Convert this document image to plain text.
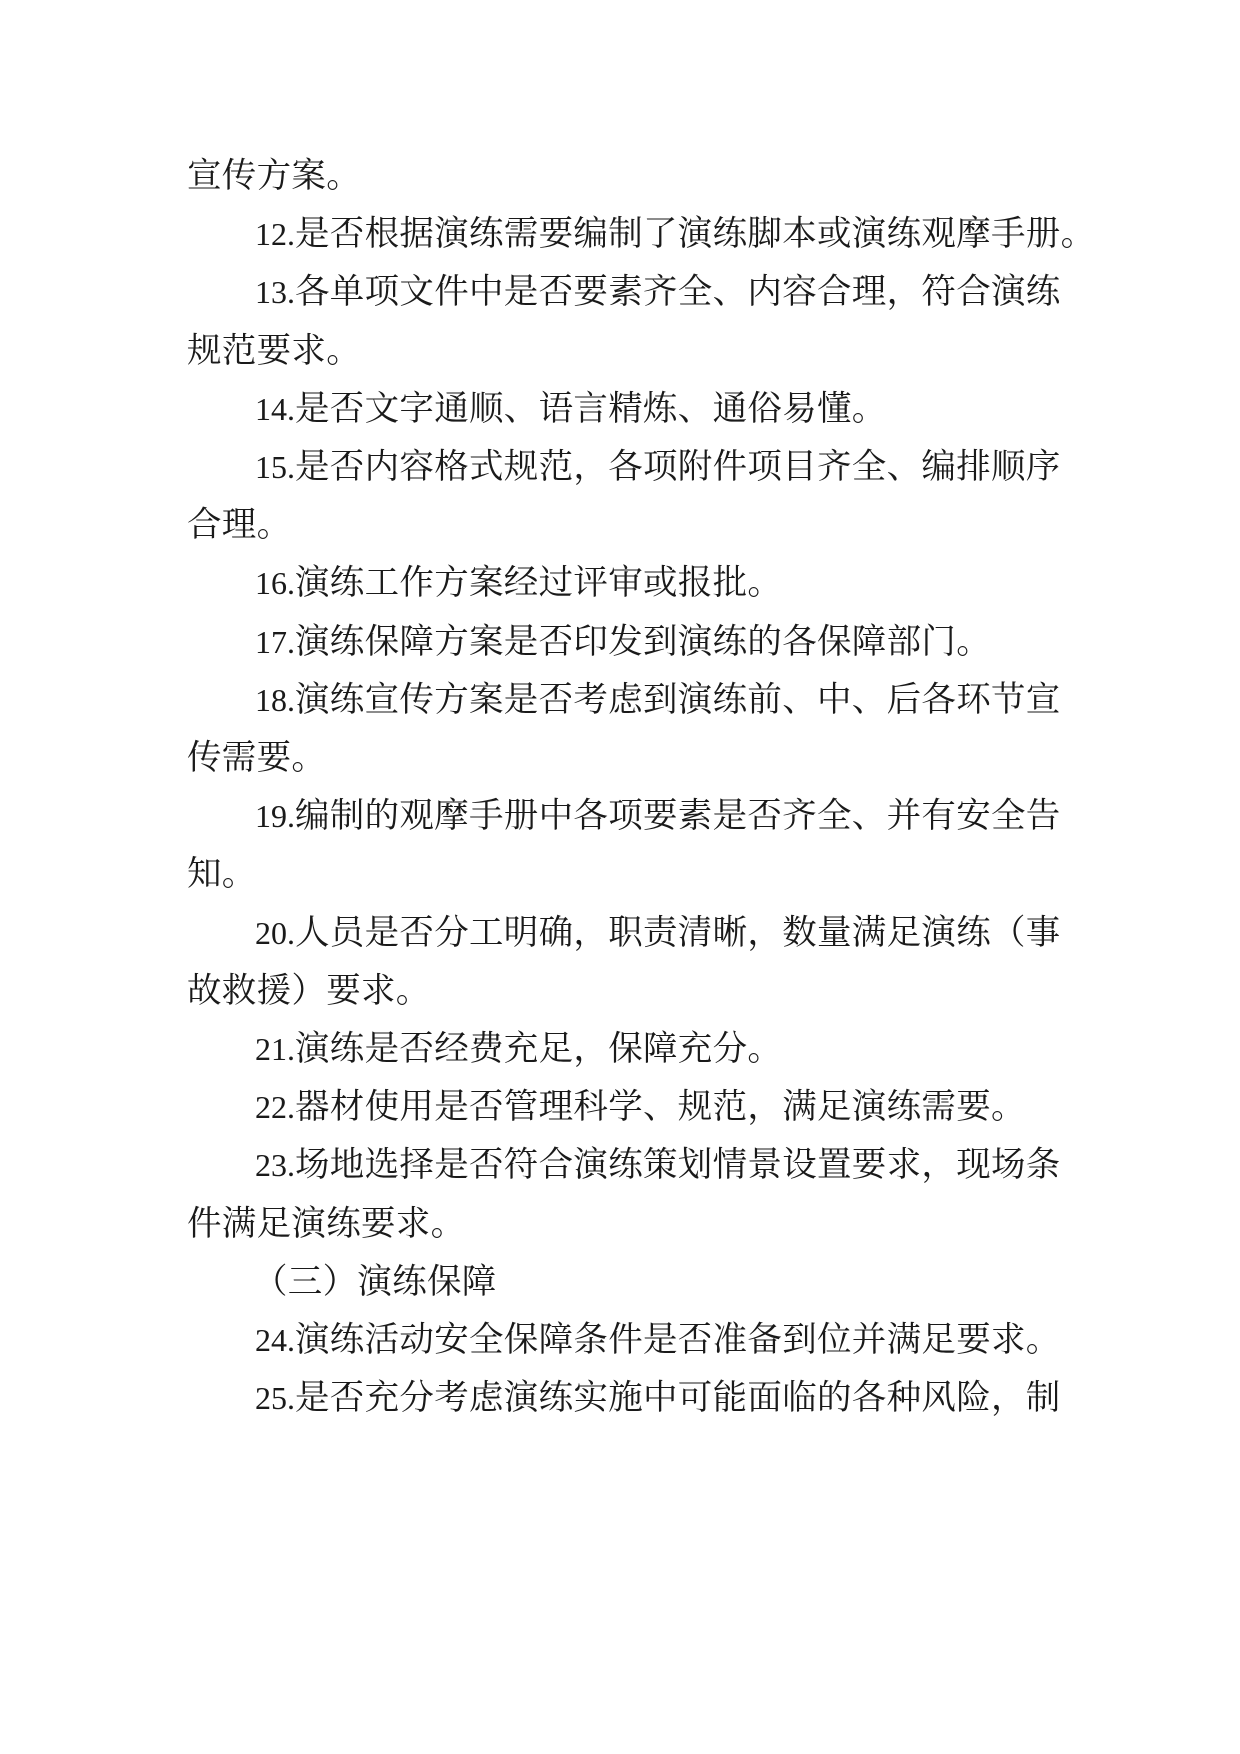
宣传方案。
12.是否根据演练需要编制了演练脚本或演练观摩手册。
13.各单项文件中是否要素齐全、内容合理，符合演练
规范要求。
14.是否文字通顺、语言精炼、通俗易懂。
15.是否内容格式规范，各项附件项目齐全、编排顺序
合理。
16.演练工作方案经过评审或报批。
17.演练保障方案是否印发到演练的各保障部门。
18.演练宣传方案是否考虑到演练前、中、后各环节宣
传需要。
19.编制的观摩手册中各项要素是否齐全、并有安全告
知。
20.人员是否分工明确，职责清晰，数量满足演练（事
故救援）要求。
21.演练是否经费充足，保障充分。
22.器材使用是否管理科学、规范，满足演练需要。
23.场地选择是否符合演练策划情景设置要求，现场条
件满足演练要求。
（三）演练保障
24.演练活动安全保障条件是否准备到位并满足要求。
25.是否充分考虑演练实施中可能面临的各种风险，制
